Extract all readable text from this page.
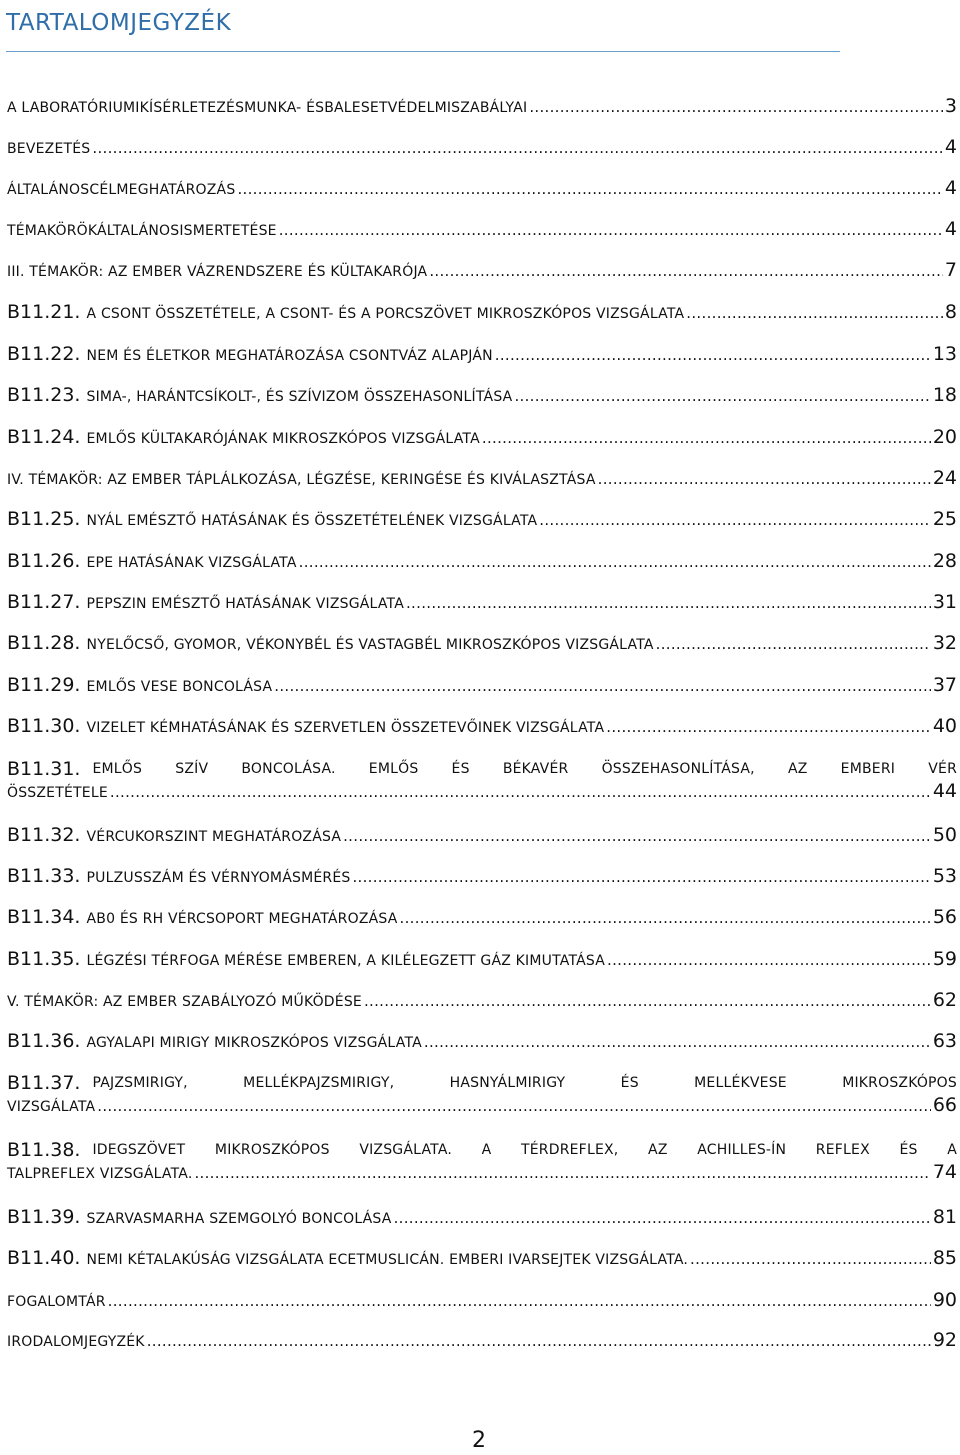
TARTALOMJEGYZÉK
A LABORATÓRIUMIKÍSÉRLETEZÉSMUNKA- ÉSBALESETVÉDELMISZABÁLYAI .....	3
BEVEZETÉS .....	4
ÁLTALÁNOSCÉLMEGHATÁROZÁS .....	4
TÉMAKÖRÖKÁLTALÁNOSISMERTETÉSE .....	4
III. TÉMAKÖR: AZ EMBER VÁZRENDSZERE ÉS KÜLTAKARÓJA .....	7
B11.21. A CSONT ÖSSZETÉTELE, A CSONT- ÉS A PORCSZÖVET MIKROSZKÓPOS VIZSGÁLATA .....	8
B11.22. NEM ÉS ÉLETKOR MEGHATÁROZÁSA CSONTVÁZ ALAPJÁN .....	13
B11.23. SIMA-, HARÁNTCSÍKOLT-, ÉS SZÍVIZOM ÖSSZEHASONLÍTÁSA .....	18
B11.24. EMLŐS KÜLTAKARÓJÁNAK MIKROSZKÓPOS VIZSGÁLATA .....	20
IV. TÉMAKÖR: AZ EMBER TÁPLÁLKOZÁSA, LÉGZÉSE, KERINGÉSE ÉS KIVÁLASZTÁSA .....	24
B11.25. NYÁL EMÉSZTŐ HATÁSÁNAK ÉS ÖSSZETÉTELÉNEK VIZSGÁLATA .....	25
B11.26. EPE HATÁSÁNAK VIZSGÁLATA .....	28
B11.27. PEPSZIN EMÉSZTŐ HATÁSÁNAK VIZSGÁLATA .....	31
B11.28. NYELŐCSŐ, GYOMOR, VÉKONYBÉL ÉS VASTAGBÉL MIKROSZKÓPOS VIZSGÁLATA .....	32
B11.29. EMLŐS VESE BONCOLÁSA .....	37
B11.30. VIZELET KÉMHATÁSÁNAK ÉS SZERVETLEN ÖSSZETEVŐINEK VIZSGÁLATA .....	40
B11.31. EMLŐS SZÍV BONCOLÁSA. EMLŐS ÉS BÉKAVÉR ÖSSZEHASONLÍTÁSA, AZ EMBERI VÉR
ÖSSZETÉTELE .....	44
B11.32. VÉRCUKORSZINT MEGHATÁROZÁSA .....	50
B11.33. PULZUSSZÁM ÉS VÉRNYOMÁSMÉRÉS .....	53
B11.34. AB0 ÉS RH VÉRCSOPORT MEGHATÁROZÁSA .....	56
B11.35. LÉGZÉSI TÉRFOGA MÉRÉSE EMBEREN, A KILÉLEGZETT GÁZ KIMUTATÁSA .....	59
V. TÉMAKÖR: AZ EMBER SZABÁLYOZÓ MŰKÖDÉSE .....	62
B11.36. AGYALAPI MIRIGY MIKROSZKÓPOS VIZSGÁLATA .....	63
B11.37. PAJZSMIRIGY, MELLÉKPAJZSMIRIGY, HASNYÁLMIRIGY ÉS MELLÉKVESE MIKROSZKÓPOS
VIZSGÁLATA .....	66
B11.38. IDEGSZÖVET MIKROSZKÓPOS VIZSGÁLATA. A TÉRDREFLEX, AZ ACHILLES-ÍN REFLEX ÉS A
TALPREFLEX VIZSGÁLATA. .....	74
B11.39. SZARVASMARHA SZEMGOLYÓ BONCOLÁSA .....	81
B11.40. NEMI KÉTALAKÚSÁG VIZSGÁLATA ECETMUSLICÁN. EMBERI IVARSEJTEK VIZSGÁLATA. .....	85
FOGALOMTÁR .....	90
IRODALOMJEGYZÉK .....	92
2
